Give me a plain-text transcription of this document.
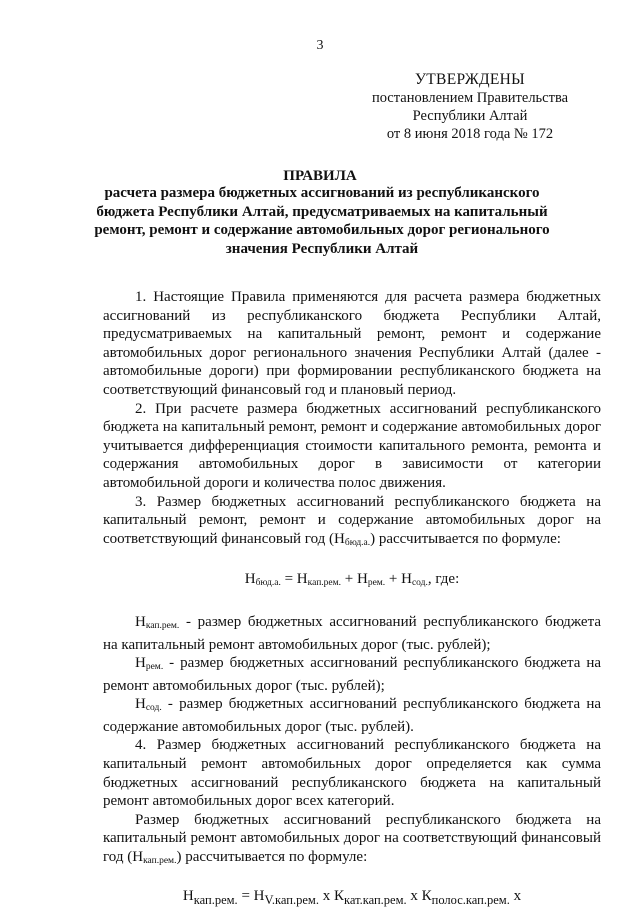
3
УТВЕРЖДЕНЫ
постановлением Правительства
Республики Алтай
от 8 июня 2018 года № 172
ПРАВИЛА
расчета размера бюджетных ассигнований из республиканского бюджета Республики Алтай, предусматриваемых на капитальный ремонт, ремонт и содержание автомобильных дорог регионального значения Республики Алтай

1. Настоящие Правила применяются для расчета размера бюджетных ассигнований из республиканского бюджета Республики Алтай, предусматриваемых на капитальный ремонт, ремонт и содержание автомобильных дорог регионального значения Республики Алтай (далее - автомобильные дороги) при формировании республиканского бюджета на соответствующий финансовый год и плановый период.

2. При расчете размера бюджетных ассигнований республиканского бюджета на капитальный ремонт, ремонт и содержание автомобильных дорог учитывается дифференциация стоимости капитального ремонта, ремонта и содержания автомобильных дорог в зависимости от категории автомобильной дороги и количества полос движения.

3. Размер бюджетных ассигнований республиканского бюджета на капитальный ремонт, ремонт и содержание автомобильных дорог на соответствующий финансовый год $(Н_{бюд.а.})$ рассчитывается по формуле:

$Н_{бюд.а.} = Н_{кап.рем.} + Н_{рем.} + Н_{сод.}$, где:

$Н_{кап.рем.}$ - размер бюджетных ассигнований республиканского бюджета на капитальный ремонт автомобильных дорог (тыс. рублей);

$Н_{рем.}$ - размер бюджетных ассигнований республиканского бюджета на ремонт автомобильных дорог (тыс. рублей);

$Н_{сод.}$ - размер бюджетных ассигнований республиканского бюджета на содержание автомобильных дорог (тыс. рублей).

4. Размер бюджетных ассигнований республиканского бюджета на капитальный ремонт автомобильных дорог определяется как сумма бюджетных ассигнований республиканского бюджета на капитальный ремонт автомобильных дорог всех категорий.

Размер бюджетных ассигнований республиканского бюджета на капитальный ремонт автомобильных дорог на соответствующий финансовый год $(Н_{кап.рем.})$ рассчитывается по формуле:

$Н_{кап.рем.} = Н_{V.кап.рем.}$ х $К_{кат.кап.рем.}$ х $К_{полос.кап.рем.}$ х
